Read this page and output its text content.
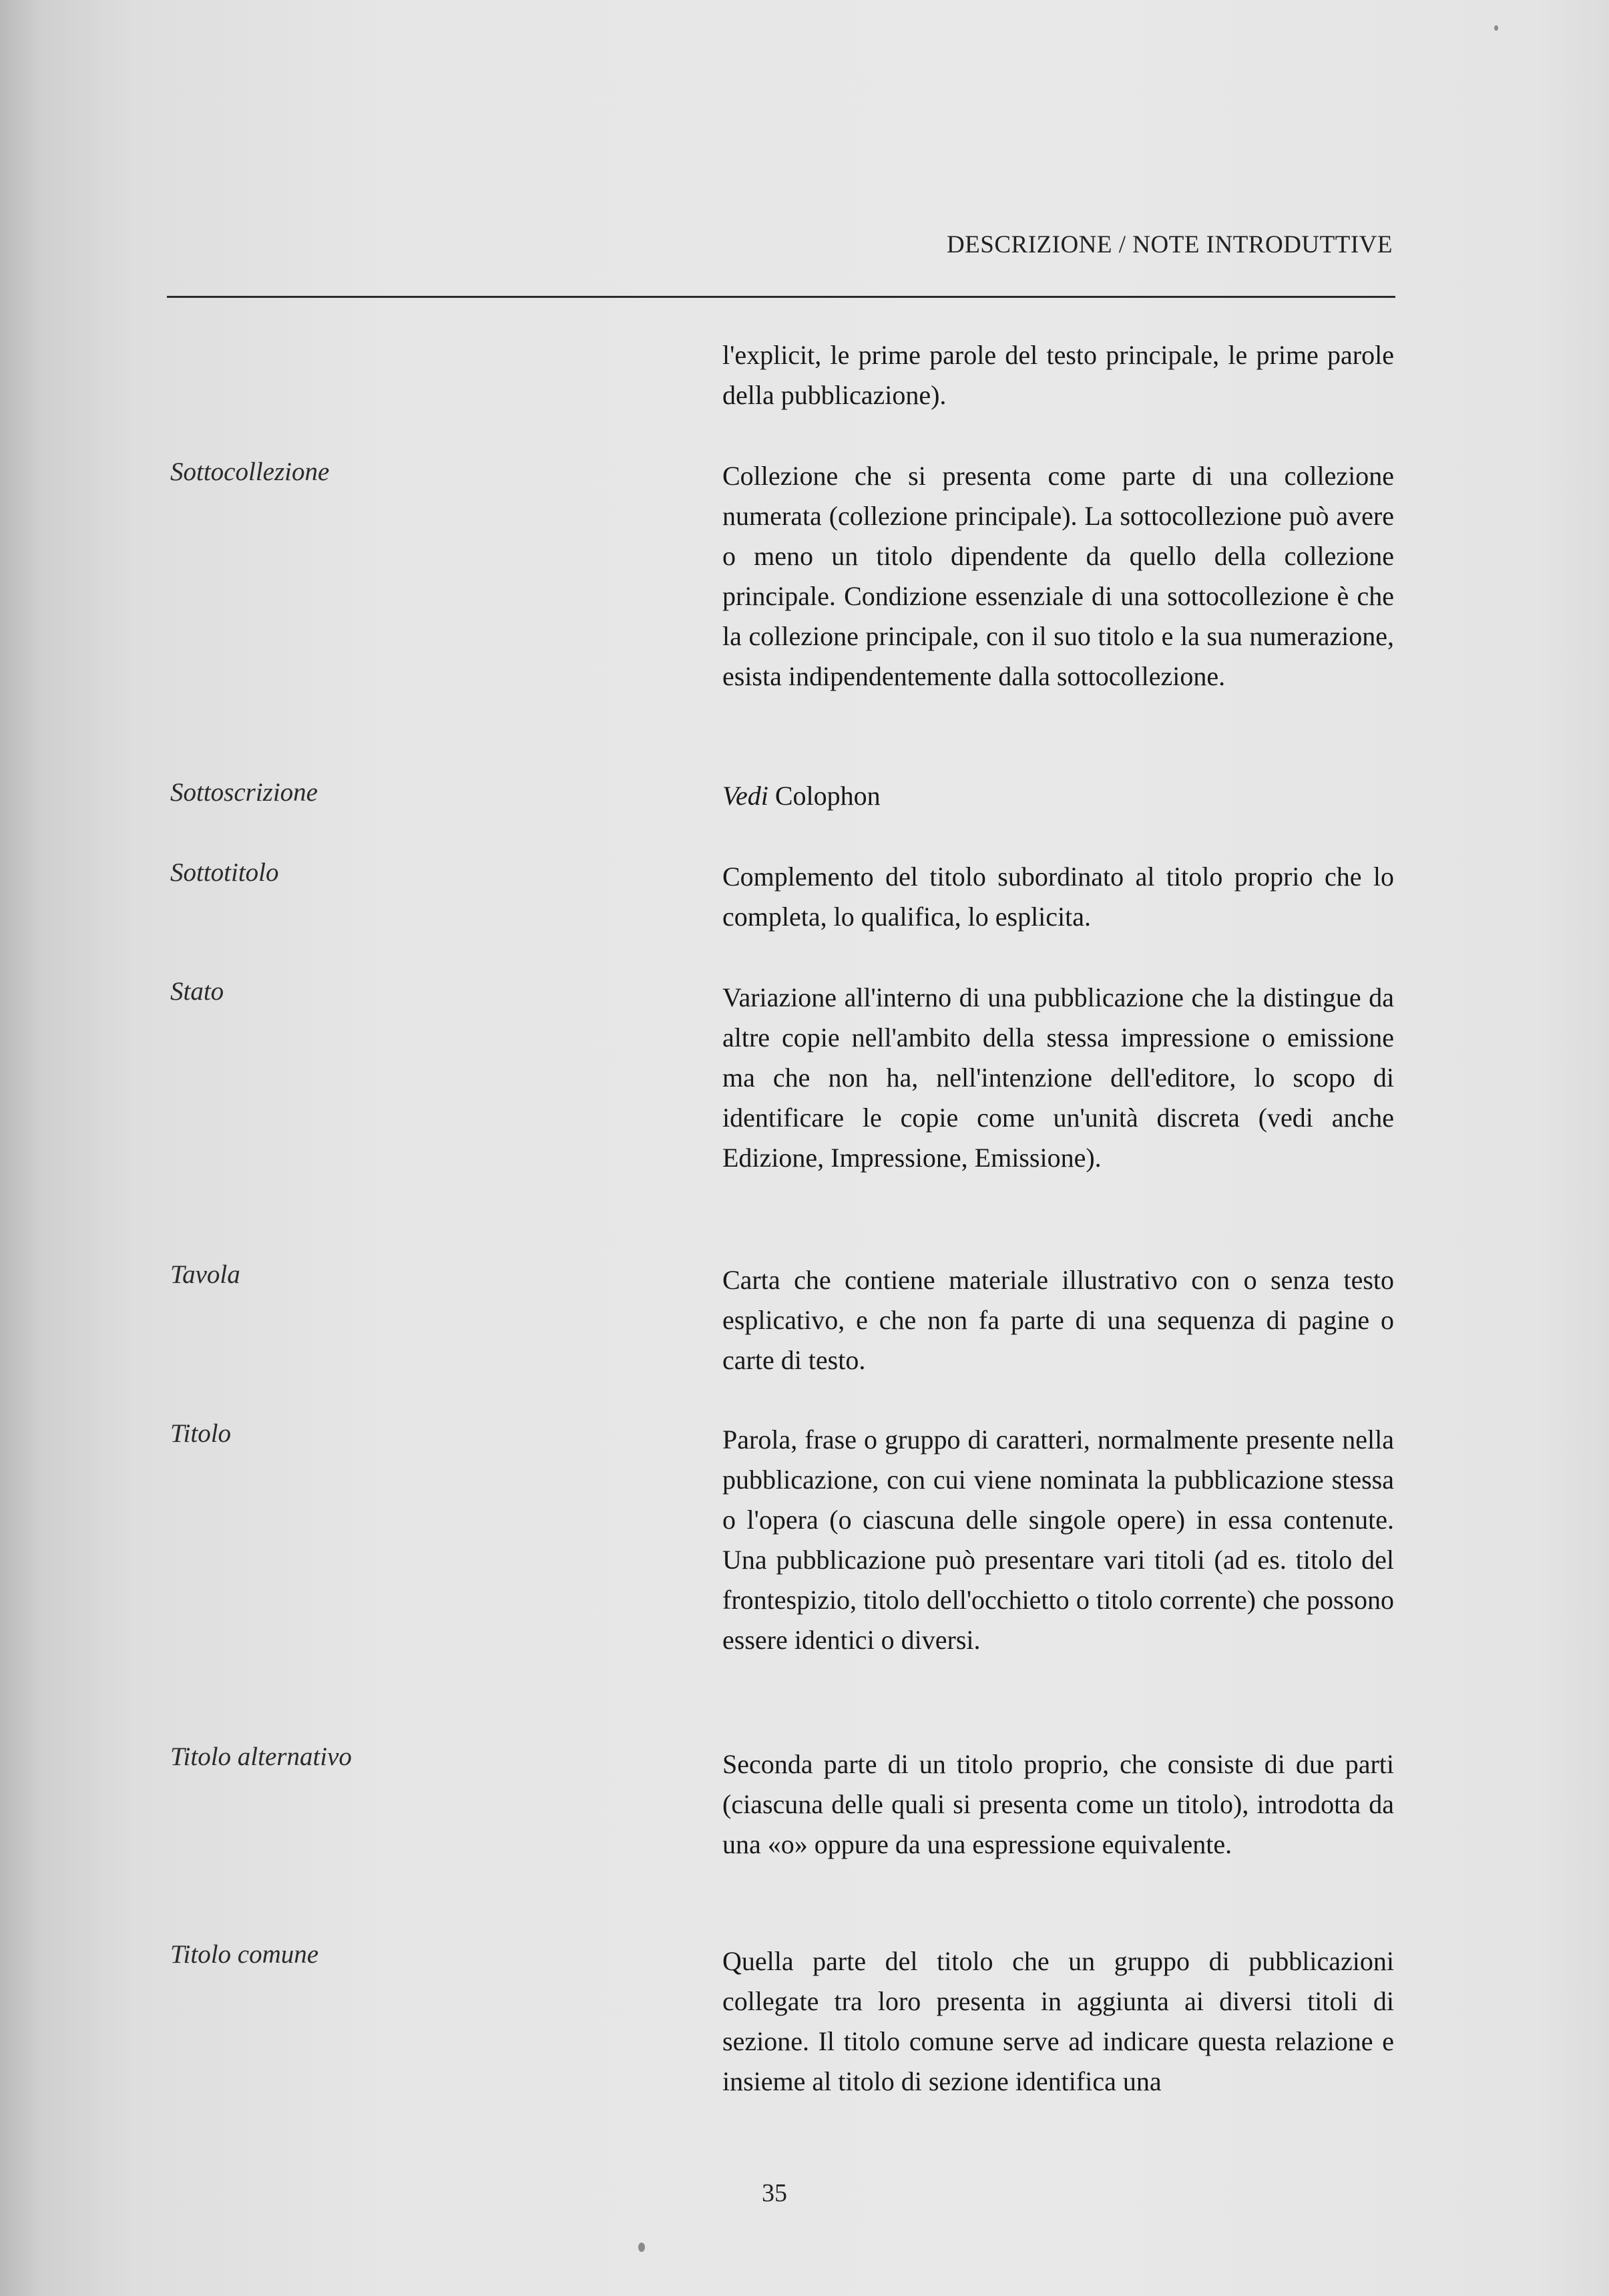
DESCRIZIONE / NOTE INTRODUTTIVE
l'explicit, le prime parole del testo principale, le prime parole della pubblicazione).
Sottocollezione	Collezione che si presenta come parte di una collezione numerata (collezione principale). La sottocollezione può avere o meno un titolo dipendente da quello della collezione principale. Condizione essenziale di una sottocollezione è che la collezione principale, con il suo titolo e la sua numerazione, esista indipendentemente dalla sottocollezione.
Sottoscrizione	Vedi Colophon
Sottotitolo	Complemento del titolo subordinato al titolo proprio che lo completa, lo qualifica, lo esplicita.
Stato	Variazione all'interno di una pubblicazione che la distingue da altre copie nell'ambito della stessa impressione o emissione ma che non ha, nell'intenzione dell'editore, lo scopo di identificare le copie come un'unità discreta (vedi anche Edizione, Impressione, Emissione).
Tavola	Carta che contiene materiale illustrativo con o senza testo esplicativo, e che non fa parte di una sequenza di pagine o carte di testo.
Titolo	Parola, frase o gruppo di caratteri, normalmente presente nella pubblicazione, con cui viene nominata la pubblicazione stessa o l'opera (o ciascuna delle singole opere) in essa contenute. Una pubblicazione può presentare vari titoli (ad es. titolo del frontespizio, titolo dell'occhietto o titolo corrente) che possono essere identici o diversi.
Titolo alternativo	Seconda parte di un titolo proprio, che consiste di due parti (ciascuna delle quali si presenta come un titolo), introdotta da una «o» oppure da una espressione equivalente.
Titolo comune	Quella parte del titolo che un gruppo di pubblicazioni collegate tra loro presenta in aggiunta ai diversi titoli di sezione. Il titolo comune serve ad indicare questa relazione e insieme al titolo di sezione identifica una
35
